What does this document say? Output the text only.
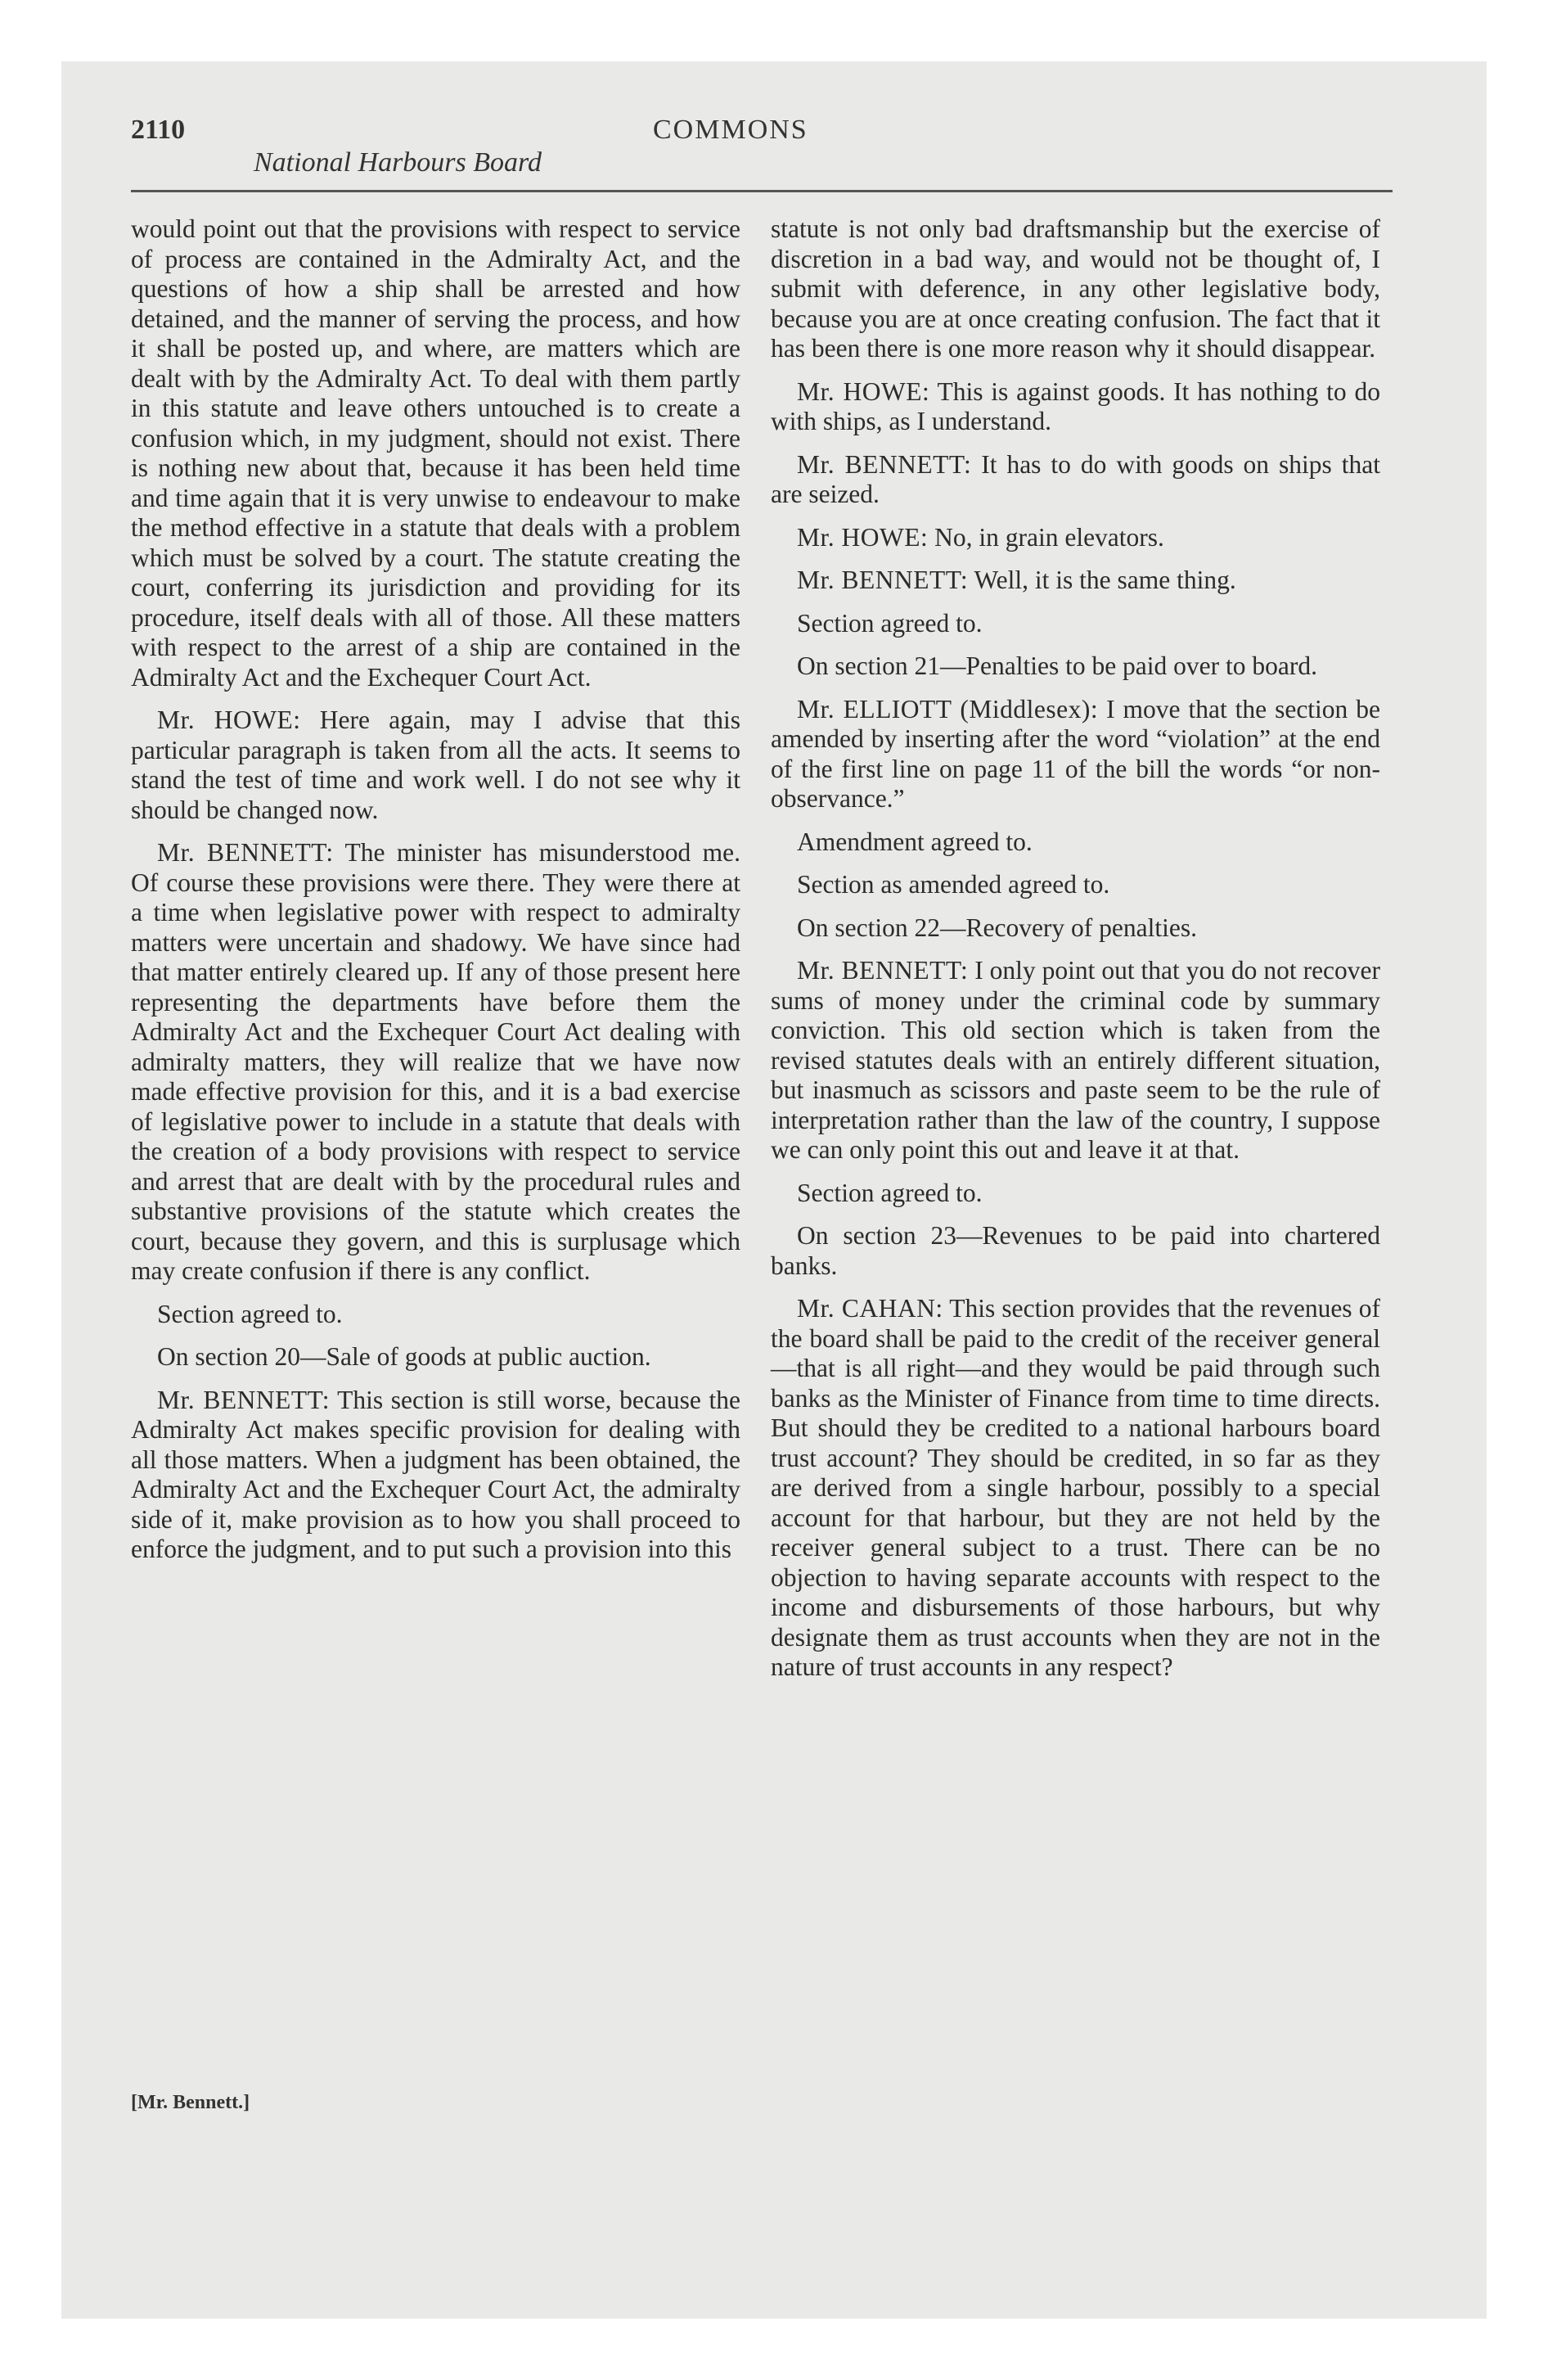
2110	COMMONS
National Harbours Board

would point out that the provisions with respect to service of process are contained in the Admiralty Act, and the questions of how a ship shall be arrested and how detained, and the manner of serving the process, and how it shall be posted up, and where, are matters which are dealt with by the Admiralty Act. To deal with them partly in this statute and leave others untouched is to create a confusion which, in my judgment, should not exist. There is nothing new about that, because it has been held time and time again that it is very unwise to endeavour to make the method effective in a statute that deals with a problem which must be solved by a court. The statute creating the court, conferring its jurisdiction and providing for its procedure, itself deals with all of those. All these matters with respect to the arrest of a ship are contained in the Admiralty Act and the Exchequer Court Act.

Mr. HOWE: Here again, may I advise that this particular paragraph is taken from all the acts. It seems to stand the test of time and work well. I do not see why it should be changed now.

Mr. BENNETT: The minister has misunderstood me. Of course these provisions were there. They were there at a time when legislative power with respect to admiralty matters were uncertain and shadowy. We have since had that matter entirely cleared up. If any of those present here representing the departments have before them the Admiralty Act and the Exchequer Court Act dealing with admiralty matters, they will realize that we have now made effective provision for this, and it is a bad exercise of legislative power to include in a statute that deals with the creation of a body provisions with respect to service and arrest that are dealt with by the procedural rules and substantive provisions of the statute which creates the court, because they govern, and this is surplusage which may create confusion if there is any conflict.

Section agreed to.

On section 20—Sale of goods at public auction.

Mr. BENNETT: This section is still worse, because the Admiralty Act makes specific provision for dealing with all those matters. When a judgment has been obtained, the Admiralty Act and the Exchequer Court Act, the admiralty side of it, make provision as to how you shall proceed to enforce the judgment, and to put such a provision into this

statute is not only bad draftsmanship but the exercise of discretion in a bad way, and would not be thought of, I submit with deference, in any other legislative body, because you are at once creating confusion. The fact that it has been there is one more reason why it should disappear.

Mr. HOWE: This is against goods. It has nothing to do with ships, as I understand.

Mr. BENNETT: It has to do with goods on ships that are seized.

Mr. HOWE: No, in grain elevators.

Mr. BENNETT: Well, it is the same thing.

Section agreed to.

On section 21—Penalties to be paid over to board.

Mr. ELLIOTT (Middlesex): I move that the section be amended by inserting after the word “violation” at the end of the first line on page 11 of the bill the words “or non-observance.”

Amendment agreed to.

Section as amended agreed to.

On section 22—Recovery of penalties.

Mr. BENNETT: I only point out that you do not recover sums of money under the criminal code by summary conviction. This old section which is taken from the revised statutes deals with an entirely different situation, but inasmuch as scissors and paste seem to be the rule of interpretation rather than the law of the country, I suppose we can only point this out and leave it at that.

Section agreed to.

On section 23—Revenues to be paid into chartered banks.

Mr. CAHAN: This section provides that the revenues of the board shall be paid to the credit of the receiver general—that is all right—and they would be paid through such banks as the Minister of Finance from time to time directs. But should they be credited to a national harbours board trust account? They should be credited, in so far as they are derived from a single harbour, possibly to a special account for that harbour, but they are not held by the receiver general subject to a trust. There can be no objection to having separate accounts with respect to the income and disbursements of those harbours, but why designate them as trust accounts when they are not in the nature of trust accounts in any respect?

[Mr. Bennett.]
